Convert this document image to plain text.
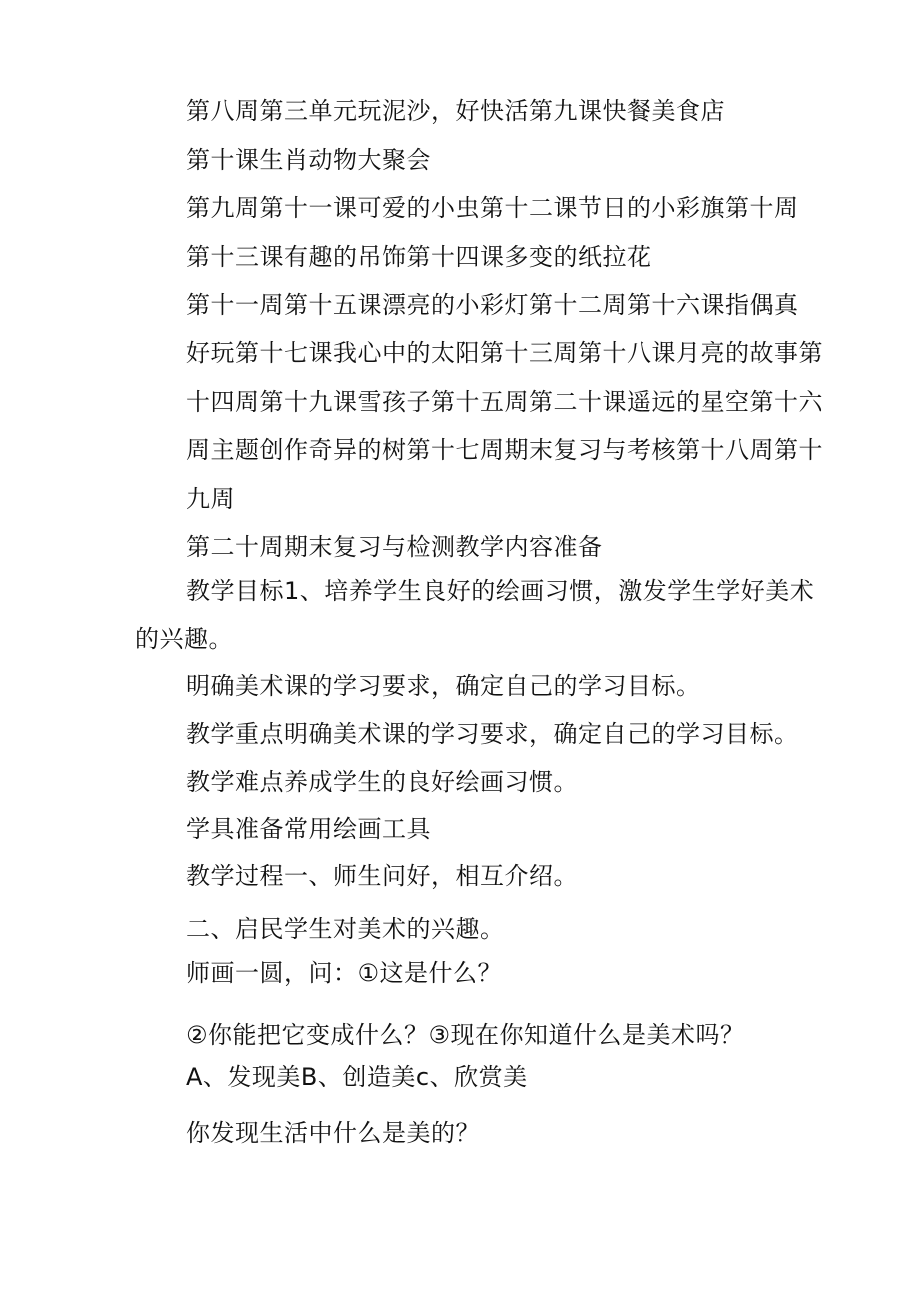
第八周第三单元玩泥沙，好快活第九课快餐美食店
第十课生肖动物大聚会
第九周第十一课可爱的小虫第十二课节日的小彩旗第十周
第十三课有趣的吊饰第十四课多变的纸拉花
第十一周第十五课漂亮的小彩灯第十二周第十六课指偶真
好玩第十七课我心中的太阳第十三周第十八课月亮的故事第
十四周第十九课雪孩子第十五周第二十课遥远的星空第十六
周主题创作奇异的树第十七周期末复习与考核第十八周第十
九周
第二十周期末复习与检测教学内容准备
教学目标1、培养学生良好的绘画习惯，激发学生学好美术
的兴趣。
明确美术课的学习要求，确定自己的学习目标。
教学重点明确美术课的学习要求，确定自己的学习目标。
教学难点养成学生的良好绘画习惯。
学具准备常用绘画工具
教学过程一、师生问好，相互介绍。
二、启民学生对美术的兴趣。
师画一圆，问：①这是什么？
②你能把它变成什么？③现在你知道什么是美术吗？
A、发现美B、创造美c、欣赏美
你发现生活中什么是美的？
